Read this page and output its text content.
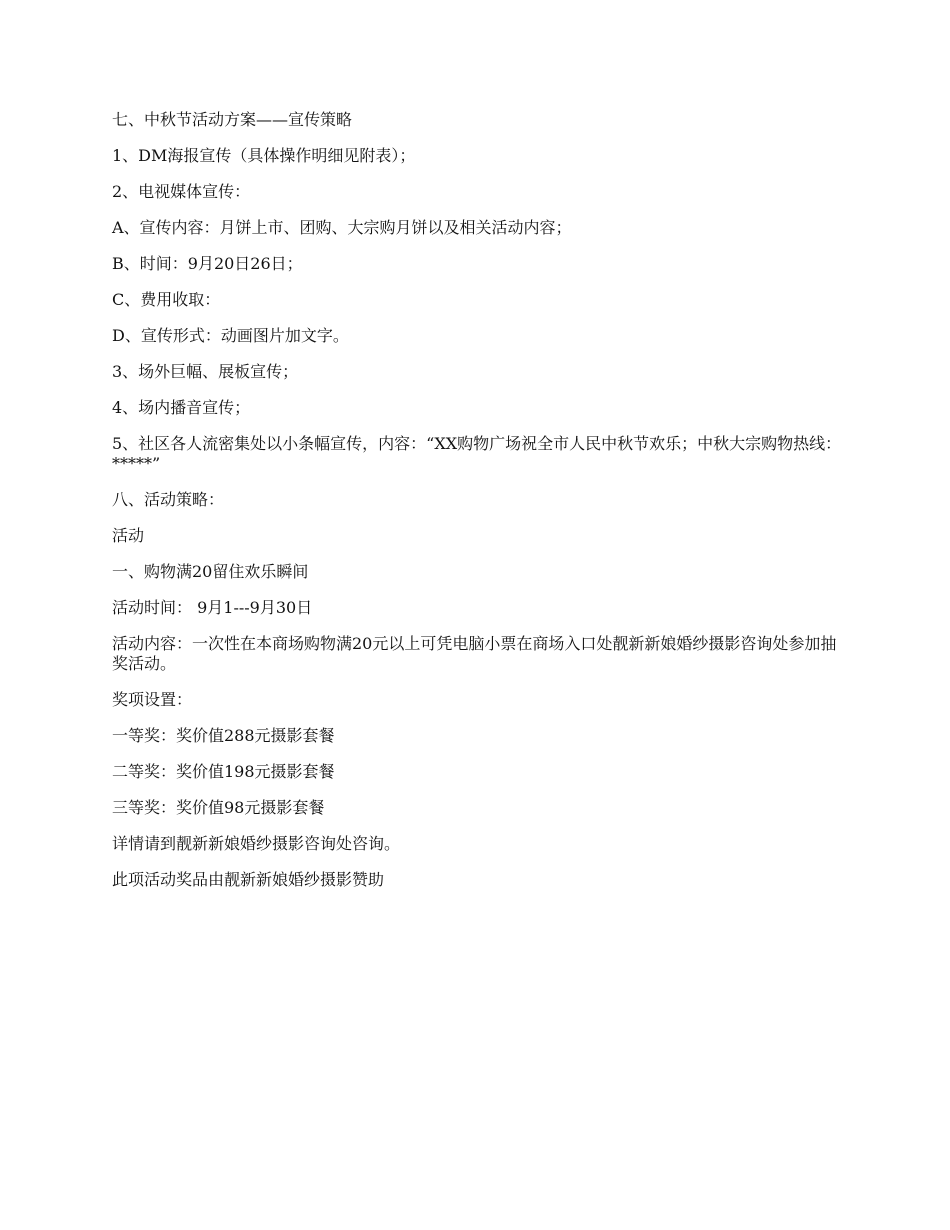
七、中秋节活动方案——宣传策略

1、DM海报宣传（具体操作明细见附表）；

2、电视媒体宣传：

A、宣传内容：月饼上市、团购、大宗购月饼以及相关活动内容；

B、时间：9月20日26日；

C、费用收取：

D、宣传形式：动画图片加文字。

3、场外巨幅、展板宣传；

4、场内播音宣传；

5、社区各人流密集处以小条幅宣传，内容：“XX购物广场祝全市人民中秋节欢乐；中秋大宗购物热线：*****”

八、活动策略：

活动

一、购物满20留住欢乐瞬间

活动时间： 9月1---9月30日

活动内容：一次性在本商场购物满20元以上可凭电脑小票在商场入口处靓新新娘婚纱摄影咨询处参加抽奖活动。

奖项设置：

一等奖：奖价值288元摄影套餐

二等奖：奖价值198元摄影套餐

三等奖：奖价值98元摄影套餐

详情请到靓新新娘婚纱摄影咨询处咨询。

此项活动奖品由靓新新娘婚纱摄影赞助
